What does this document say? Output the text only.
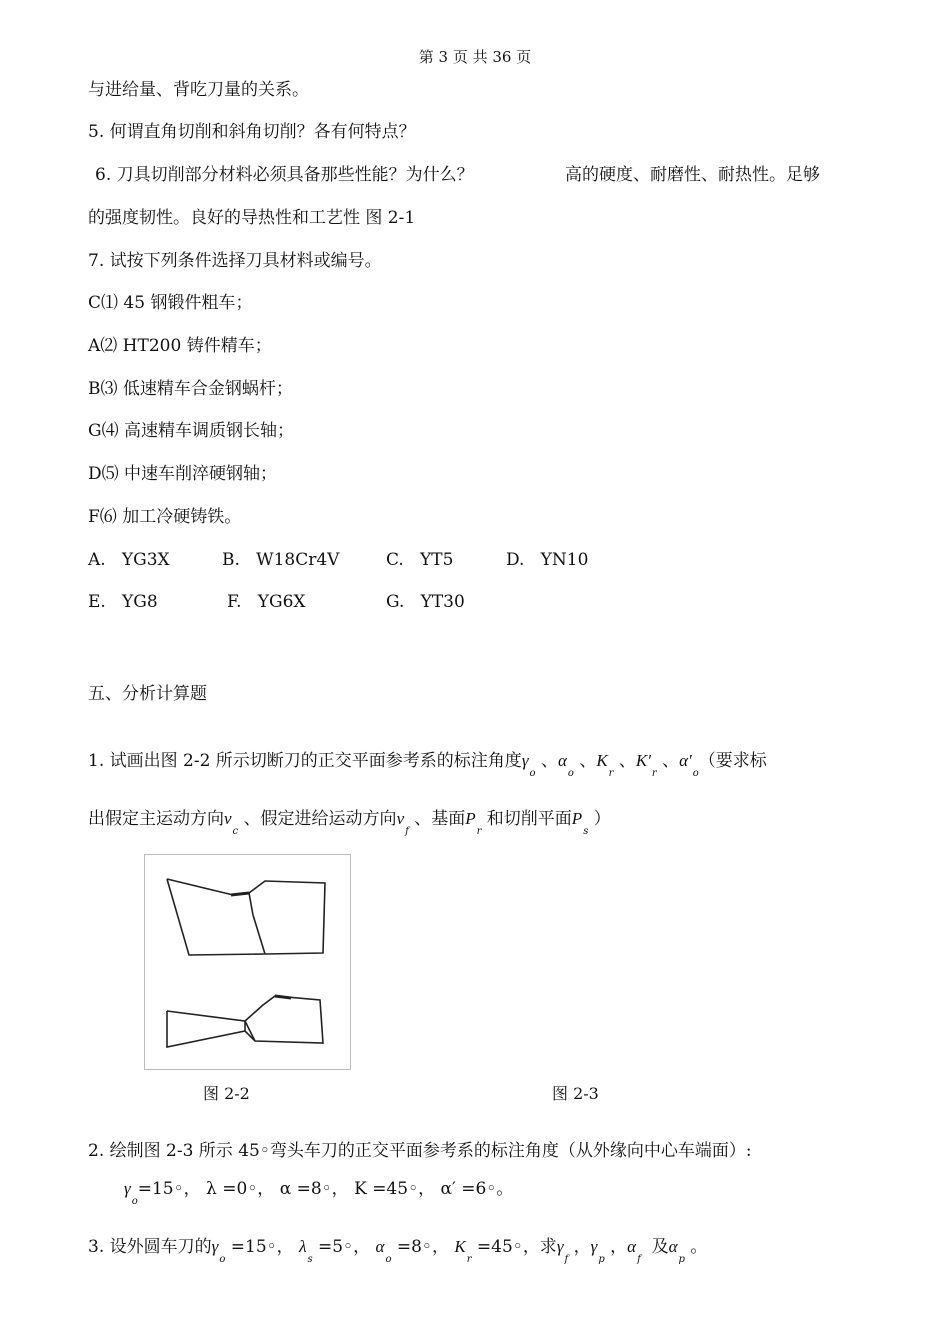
第 3 页 共 36 页
与进给量、背吃刀量的关系。
5. 何谓直角切削和斜角切削？各有何特点？
6. 刀具切削部分材料必须具备那些性能？为什么？	高的硬度、耐磨性、耐热性。足够
的强度韧性。良好的导热性和工艺性 图 2-1
7. 试按下列条件选择刀具材料或编号。
C⑴ 45 钢锻件粗车；
A⑵ HT200 铸件精车；
B⑶ 低速精车合金钢蜗杆；
G⑷ 高速精车调质钢长轴；
D⑸ 中速车削淬硬钢轴；
F⑹ 加工冷硬铸铁。
A. YG3X	B. W18Cr4V	C. YT5	D. YN10
E. YG8	F. YG6X	G. YT30
五、分析计算题
1. 试画出图 2-2 所示切断刀的正交平面参考系的标注角度$\gamma_o$ 、$\alpha_o$ 、$K_r$ 、$K'_r$ 、$\alpha'_o$（要求标
出假定主运动方向$v_c$ 、假定进给运动方向$v_f$ 、基面$P_r$ 和切削平面$P_s$ ）
图 2-2	图 2-3
2. 绘制图 2-3 所示 45◦弯头车刀的正交平面参考系的标注角度（从外缘向中心车端面）:
$\gamma_o=15◦$， λ =0◦， α =8◦， K =45◦， α′ =6◦。
3. 设外圆车刀的$\gamma_o$ =15◦， $\lambda_s$ =5◦， $\alpha_o$ =8◦， $K_r$ =45◦，求$\gamma_f$ ，$\gamma_p$ ，$\alpha_f$  及$\alpha_p$ 。
